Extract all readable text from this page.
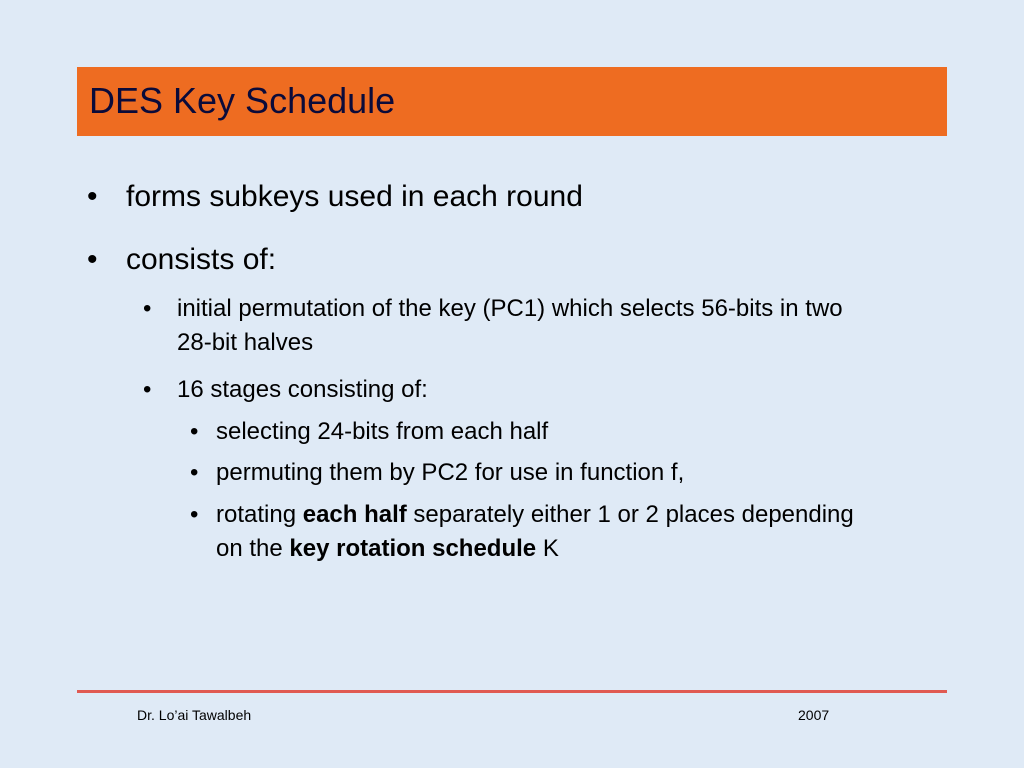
DES Key Schedule
• forms subkeys used in each round
• consists of:
• initial permutation of the key (PC1) which selects 56-bits in two
28-bit halves
• 16 stages consisting of:
• selecting 24-bits from each half
• permuting them by PC2 for use in function f,
• rotating each half separately either 1 or 2 places depending
on the key rotation schedule K
Dr. Lo’ai Tawalbeh	2007
